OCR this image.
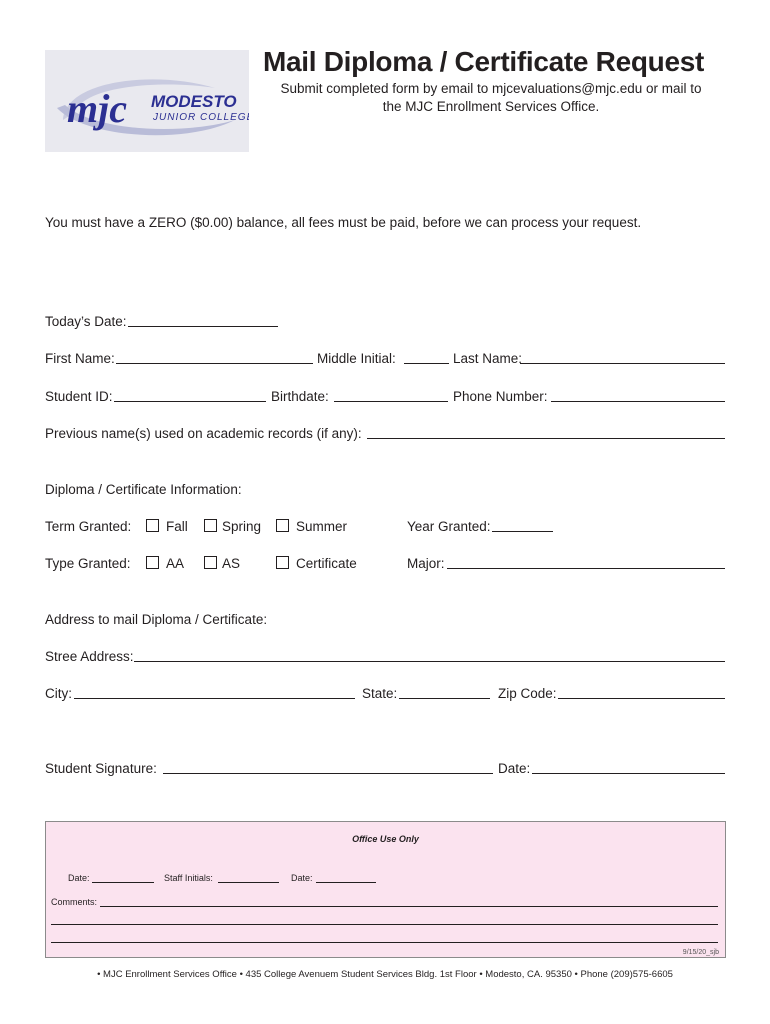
mjc MODESTO
JUNIOR COLLEGE
Mail Diploma / Certificate Request
Submit completed form by email to mjcevaluations@mjc.edu or mail to
the MJC Enrollment Services Office.
You must have a ZERO ($0.00) balance, all fees must be paid, before we can process your request.
Today’s Date:
First Name:	Middle Initial:	Last Name:
Student ID:	Birthdate:	Phone Number:
Previous name(s) used on academic records (if any):
Diploma / Certificate Information:
Term Granted:	Fall	Spring	Summer	Year Granted:
Type Granted:	AA	AS	Certificate	Major:
Address to mail Diploma / Certificate:
Stree Address:
City:	State:	Zip Code:
Student Signature:	Date:
Office Use Only
Date:	Staff Initials:	Date:
Comments:
9/15/20_sjb
• MJC Enrollment Services Office • 435 College Avenuem Student Services Bldg. 1st Floor • Modesto, CA. 95350 • Phone (209)575-6605
